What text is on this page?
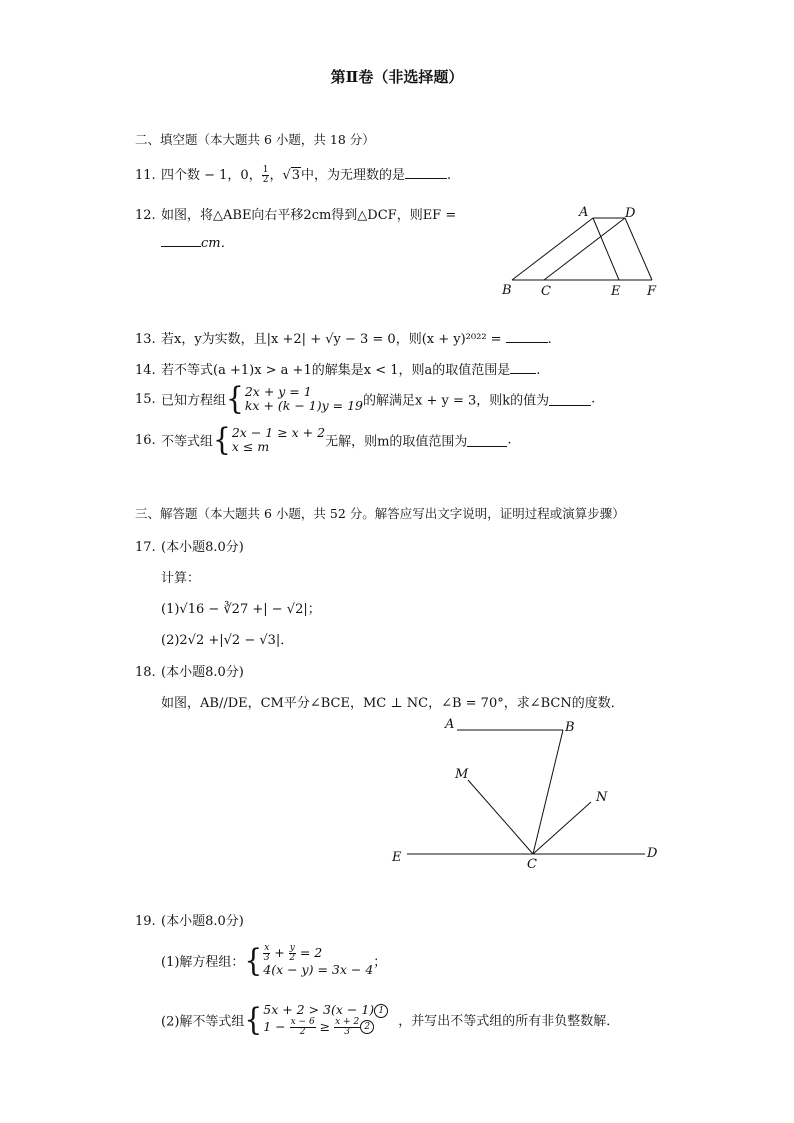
第Ⅱ卷（非选择题）
二、填空题（本大题共 6 小题，共 18 分）
11. 四个数 − 1，0， $\frac{1}{2}$ ，√3中，为无理数的是	.
12. 如图，将△ABE向右平移2cm得到△DCF，则EF =
cm．
A	D
B C	E F
13. 若x，y为实数，且|x +2| + √y − 3 = 0，则(x + y)²⁰²² =	.
14. 若不等式(a +1)x > a +1的解集是x < 1，则a的取值范围是 .
15. 已知方程组{ 2x + y = 1
kx + (k − 1)y = 19 的解满足x + y = 3，则k的值为	.
16. 不等式组{ 2x − 1 ≥ x + 2
x ≤ m	无解，则m的取值范围为	.
三、解答题（本大题共 6 小题，共 52 分。解答应写出文字说明，证明过程或演算步骤）
17. (本小题8.0分)
计算：
(1)√16 − ∛27 +| − √2|；
(2)2√2 +|√2 − √3|．
18. (本小题8.0分)
如图，AB//DE，CM平分∠BCE，MC ⊥ NC，∠B = 70°，求∠BCN的度数．
A	B
M
N
E	C
D
19. (本小题8.0分)
(1)解方程组：{ $\frac{x}{3} + \frac{y}{2} = 2$
4(x − y) = 3x − 4 ；
(2)解不等式组{ 5x + 2 > 3(x − 1) 1
$1 - \frac{x - 6}{2} \ge \frac{x + 2}{3} 2$	，并写出不等式组的所有非负整数解．
